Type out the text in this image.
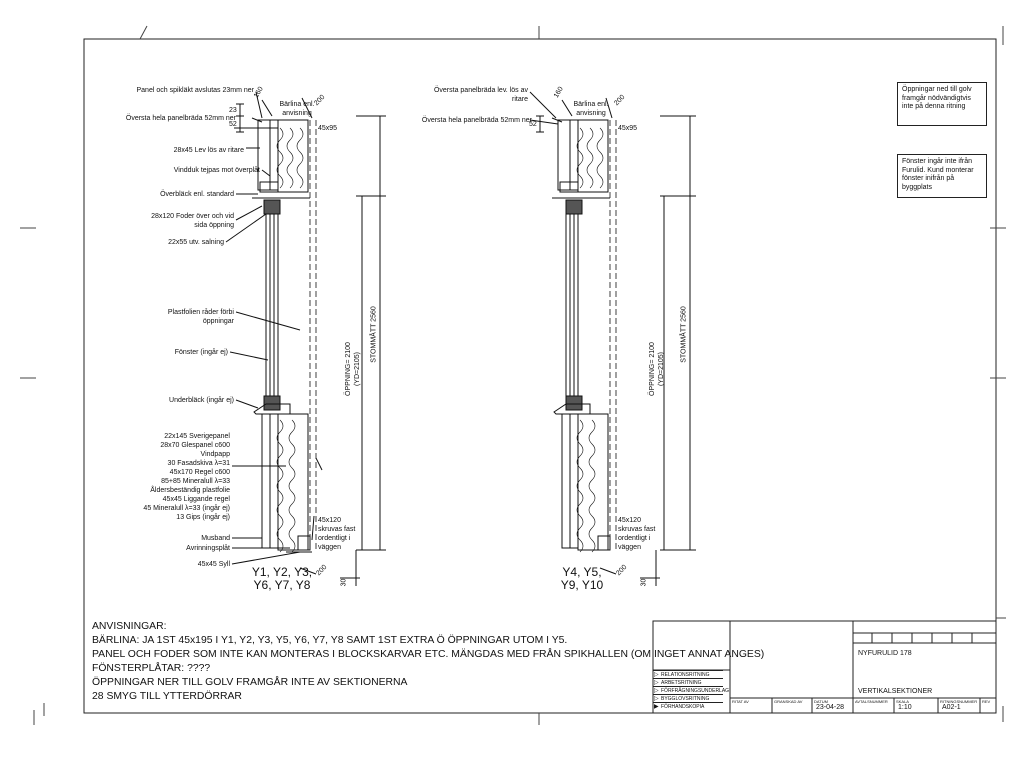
Panel och spikläkt avslutas 23mm ner
Översta hela panelbräda 52mm ner
28x45 Lev lös av ritare
Vindduk tejpas mot överplåt
Överbläck enl. standard
28x120 Foder över och vid sida öppning
22x55 utv. salning
Plastfolien råder förbi öppningar
Fönster (ingår ej)
Underbläck (ingår ej)
22x145 Sverigepanel
28x70 Glespanel c600
Vindpapp
30 Fasadskiva λ=31
45x170 Regel c600
85+85 Mineralull λ=33
Åldersbeständig plastfolie
45x45 Liggande regel
45 Mineralull λ=33 (ingår ej)
13 Gips (ingår ej)
Musband
Avrinningsplåt
45x45 Syll
Bärlina enl. anvisning
45x95
45x120
skruvas fast
ordentligt i
väggen
23
52
160
200
200
30
ÖPPNING= 2100
(YD=2105)
STOMMÅTT 2560
Y1, Y2, Y3,
Y6, Y7, Y8
Översta panelbräda lev. lös av ritare
Översta hela panelbräda 52mm ner
Bärlina enl. anvisning
45x95
45x120
skruvas fast
ordentligt i
väggen
52
160
200
200
30
ÖPPNING= 2100
(YD=2105)
STOMMÅTT 2560
Y4, Y5,
Y9, Y10
Öppningar ned till golv framgår nödvändigtvis inte på denna ritning
Fönster ingår inte ifrån Furulid. Kund monterar fönster inifrån på byggplats
ANVISNINGAR:
BÄRLINA: JA 1ST 45x195 I Y1, Y2, Y3, Y5, Y6, Y7, Y8 SAMT 1ST EXTRA Ö ÖPPNINGAR UTOM I Y5.
PANEL OCH FODER SOM INTE KAN MONTERAS I BLOCKSKARVAR ETC. MÄNGDAS MED FRÅN SPIKHALLEN (OM INGET ANNAT ANGES)
FÖNSTERPLÅTAR: ????
ÖPPNINGAR NER TILL GOLV FRAMGÅR INTE AV SEKTIONERNA
28 SMYG TILL YTTERDÖRRAR
▷ RELATIONSRITNING
▷ ARBETSRITNING
▷ FÖRFRÅGNINGSUNDERLAG
▷ BYGGLOVSRITNING
▶ FÖRHANDSKOPIA
NYFURULID 178
VERTIKALSEKTIONER
RITAT AV	GRANSKAD AV	DATUM
23-04-28
AVTALSNUMMER SKALA
1:10
RITNINGSNUMMER
A02-1
REV
